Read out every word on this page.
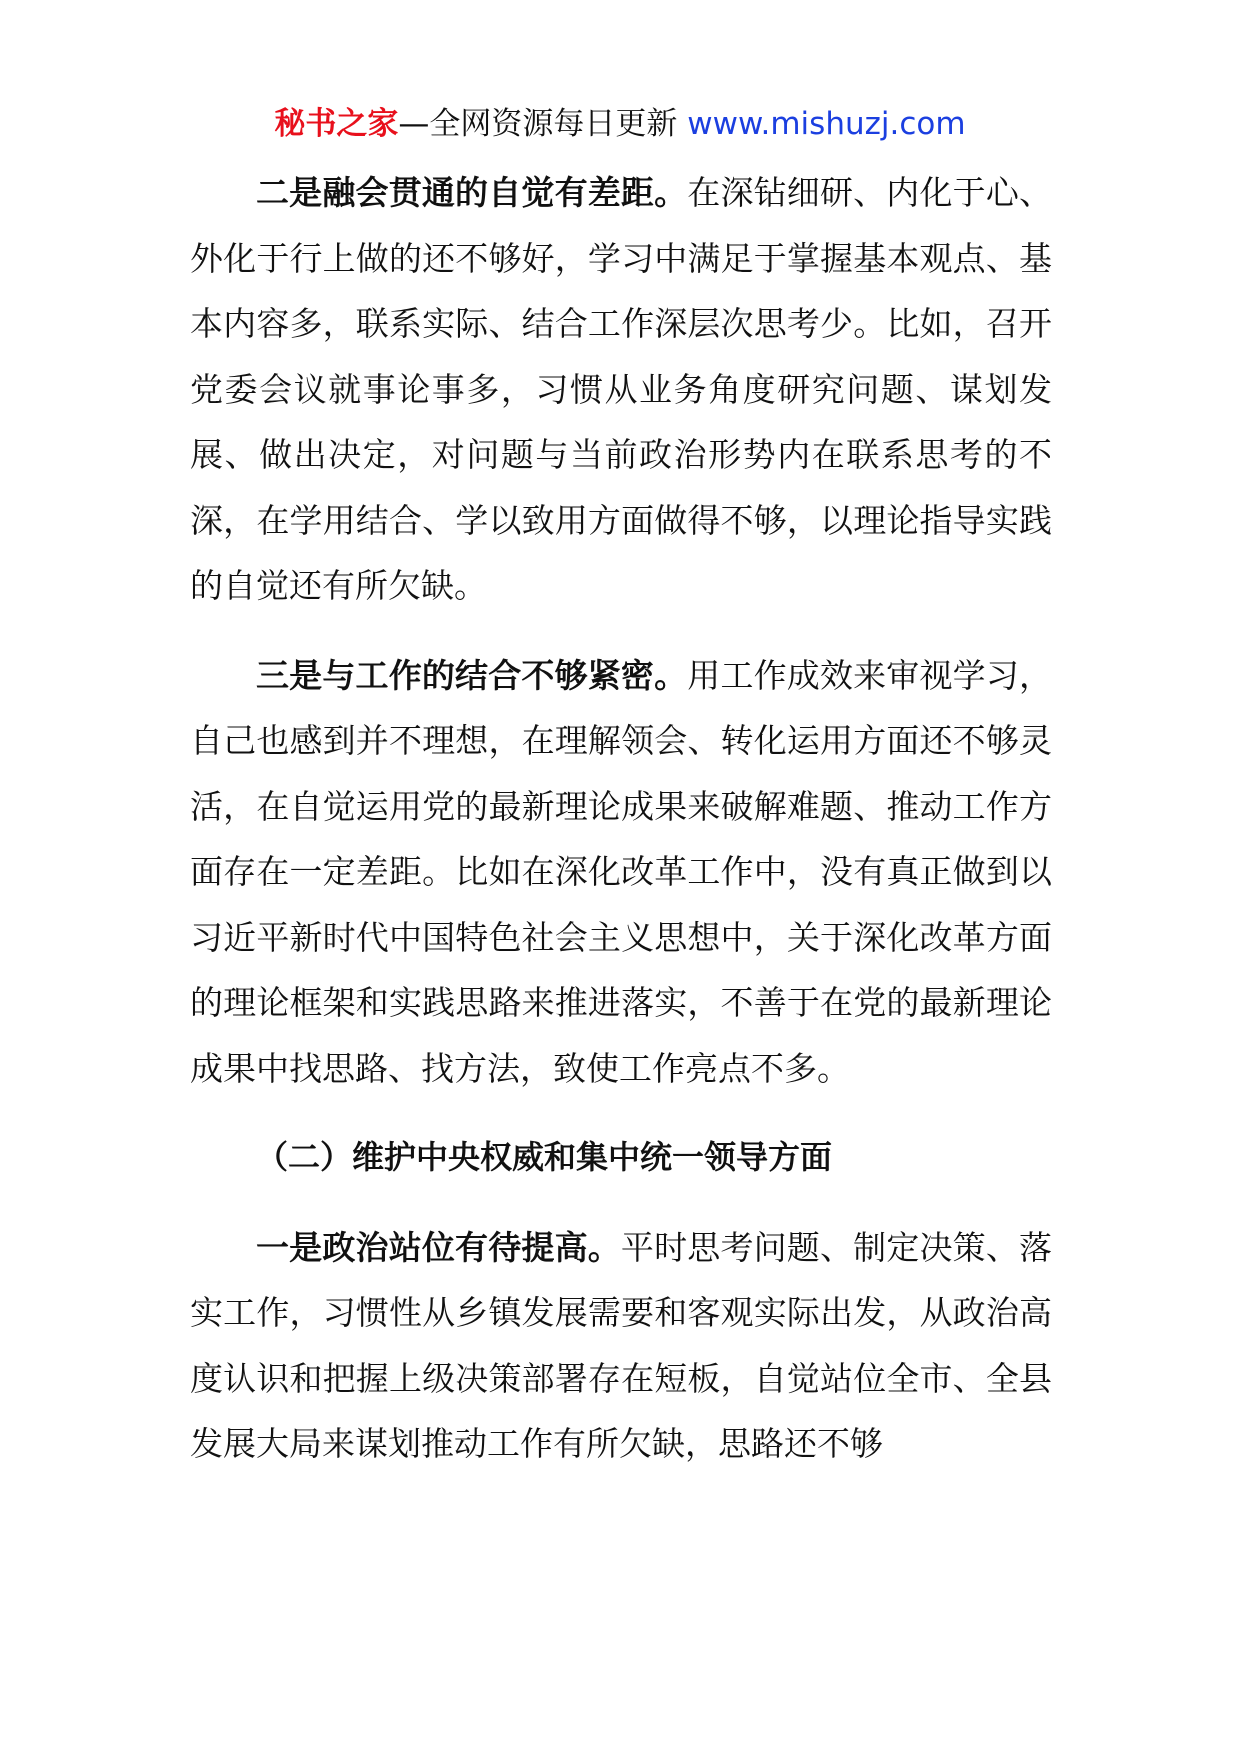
秘书之家—全网资源每日更新 www.mishuzj.com

二是融会贯通的自觉有差距。在深钻细研、内化于心、外化于行上做的还不够好，学习中满足于掌握基本观点、基本内容多，联系实际、结合工作深层次思考少。比如，召开党委会议就事论事多，习惯从业务角度研究问题、谋划发展、做出决定，对问题与当前政治形势内在联系思考的不深，在学用结合、学以致用方面做得不够，以理论指导实践的自觉还有所欠缺。

三是与工作的结合不够紧密。用工作成效来审视学习，自己也感到并不理想，在理解领会、转化运用方面还不够灵活，在自觉运用党的最新理论成果来破解难题、推动工作方面存在一定差距。比如在深化改革工作中，没有真正做到以习近平新时代中国特色社会主义思想中，关于深化改革方面的理论框架和实践思路来推进落实，不善于在党的最新理论成果中找思路、找方法，致使工作亮点不多。

（二）维护中央权威和集中统一领导方面

一是政治站位有待提高。平时思考问题、制定决策、落实工作，习惯性从乡镇发展需要和客观实际出发，从政治高度认识和把握上级决策部署存在短板，自觉站位全市、全县发展大局来谋划推动工作有所欠缺，思路还不够
